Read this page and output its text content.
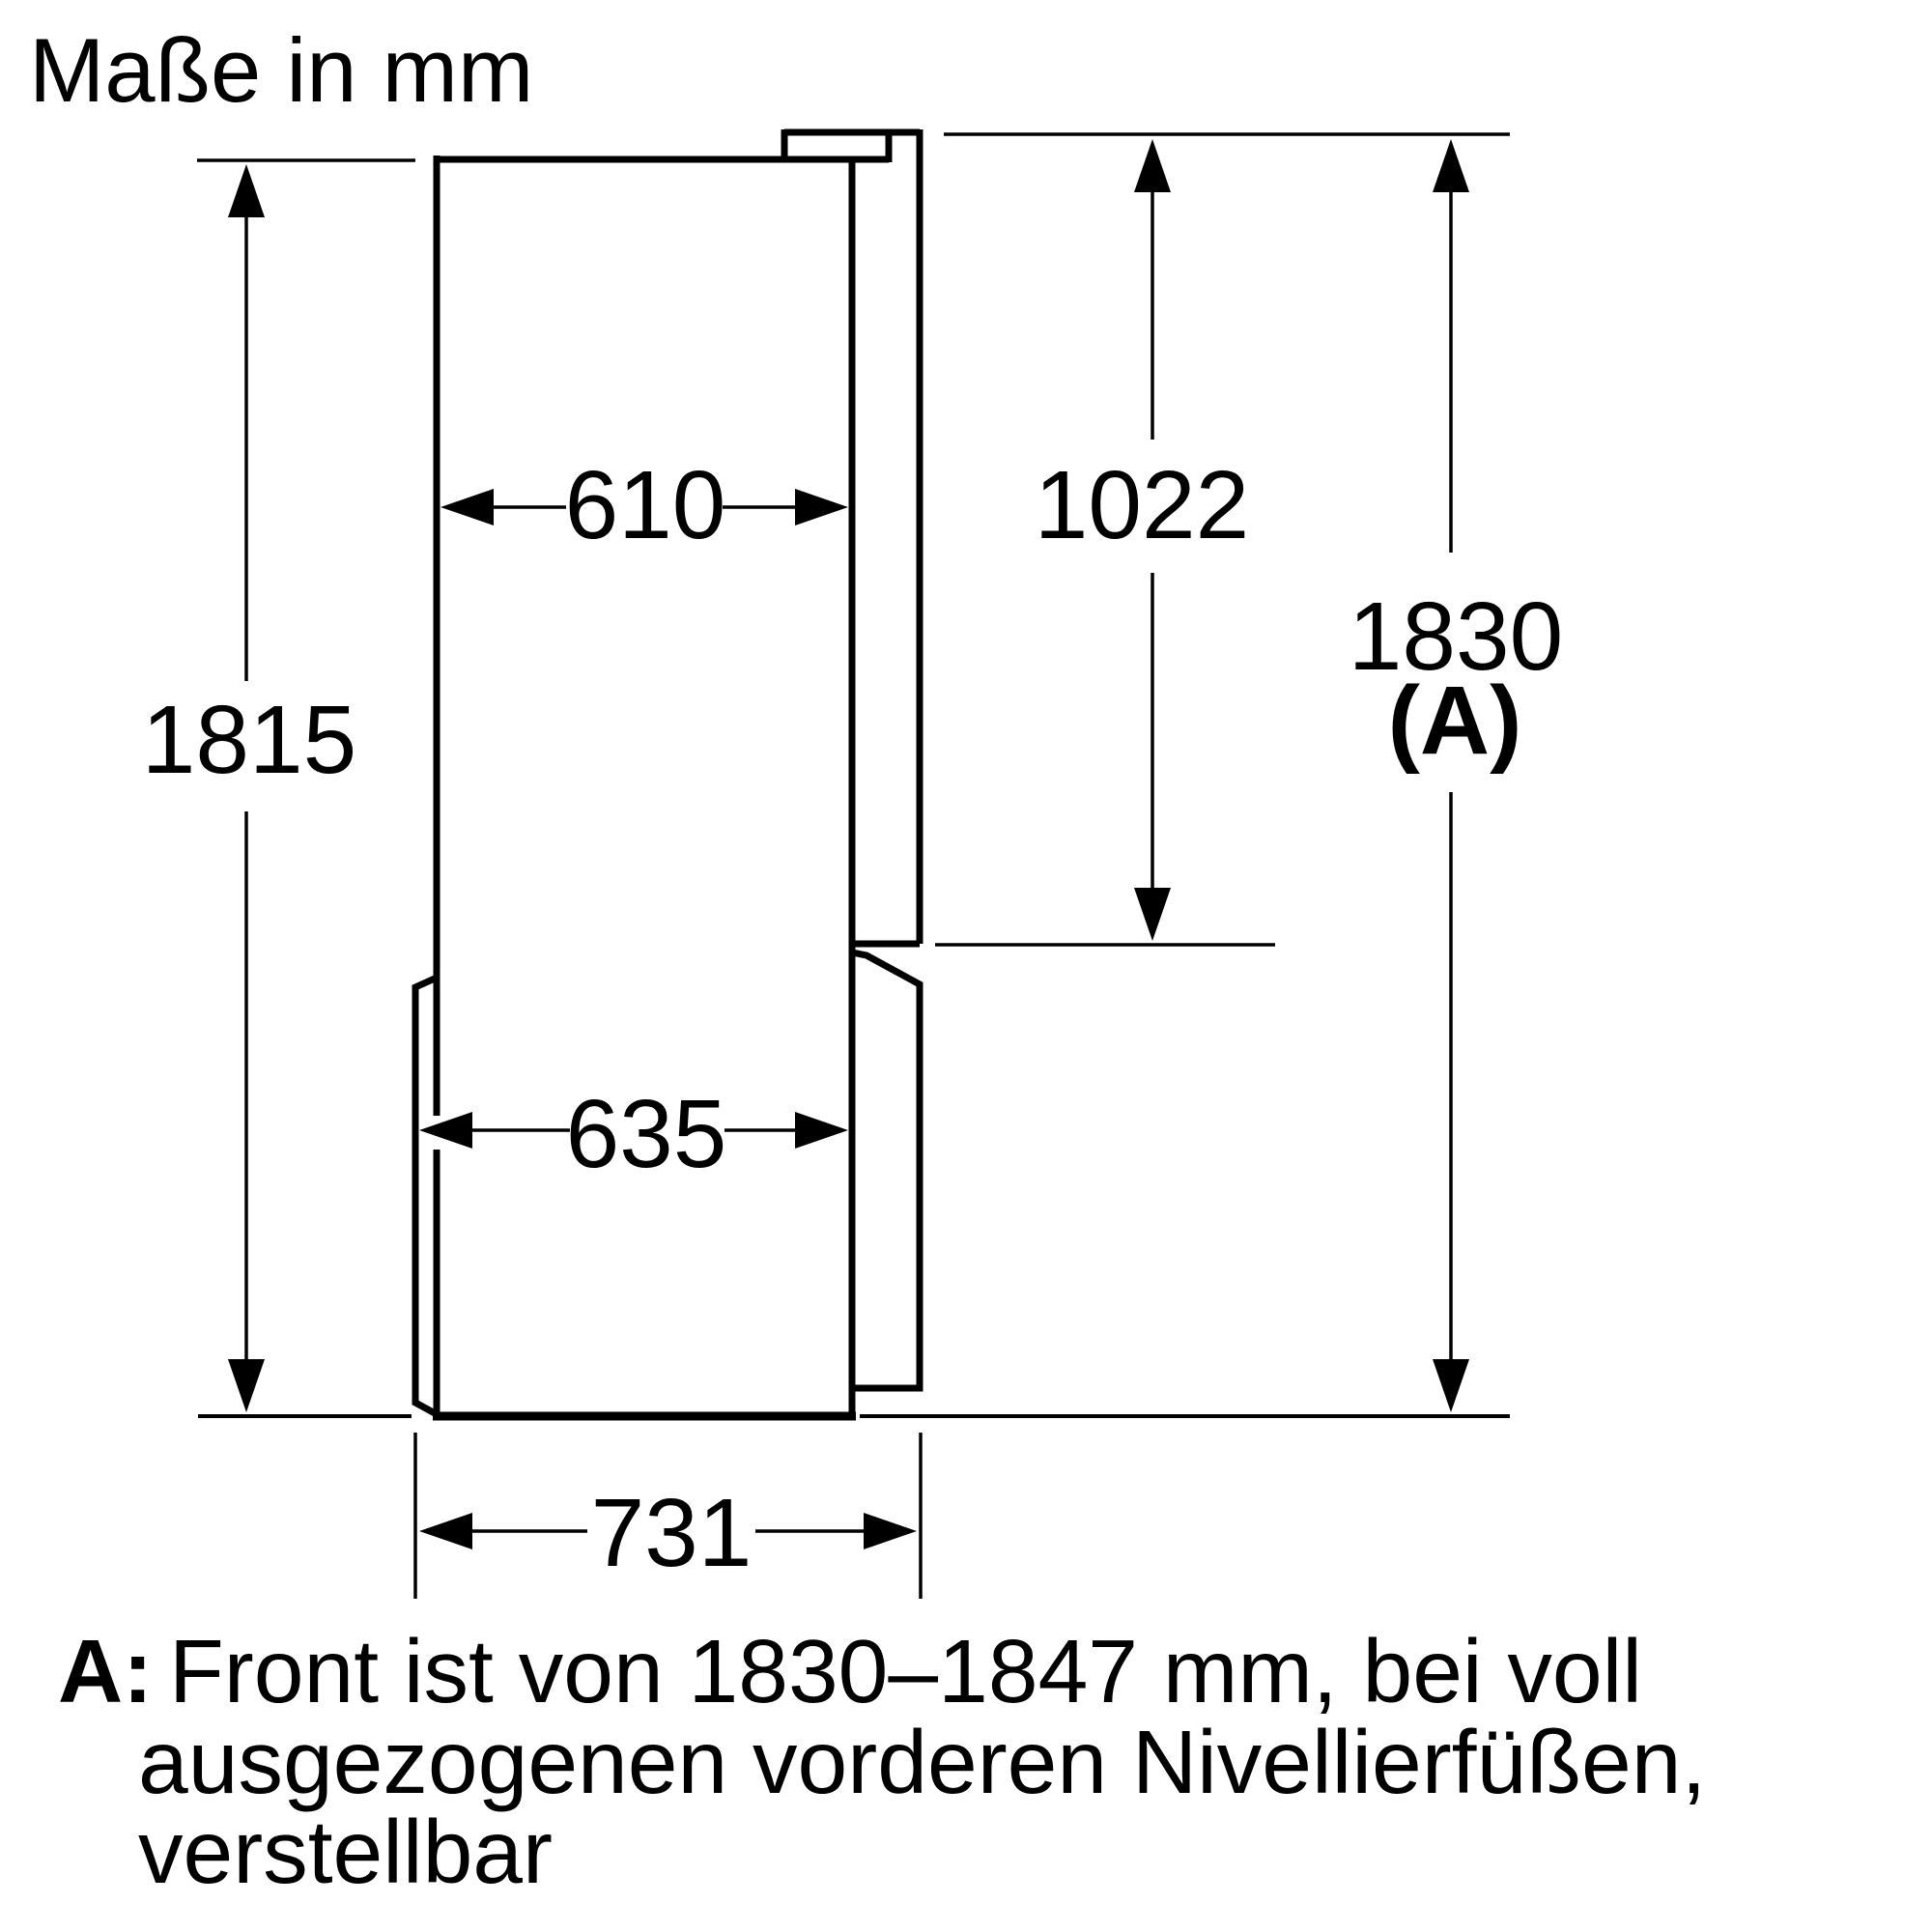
Maße in mm
1815
610	1022
1830
(A)
635
731
A: Front ist von 1830–1847 mm, bei voll
ausgezogenen vorderen Nivellierfüßen,
verstellbar
